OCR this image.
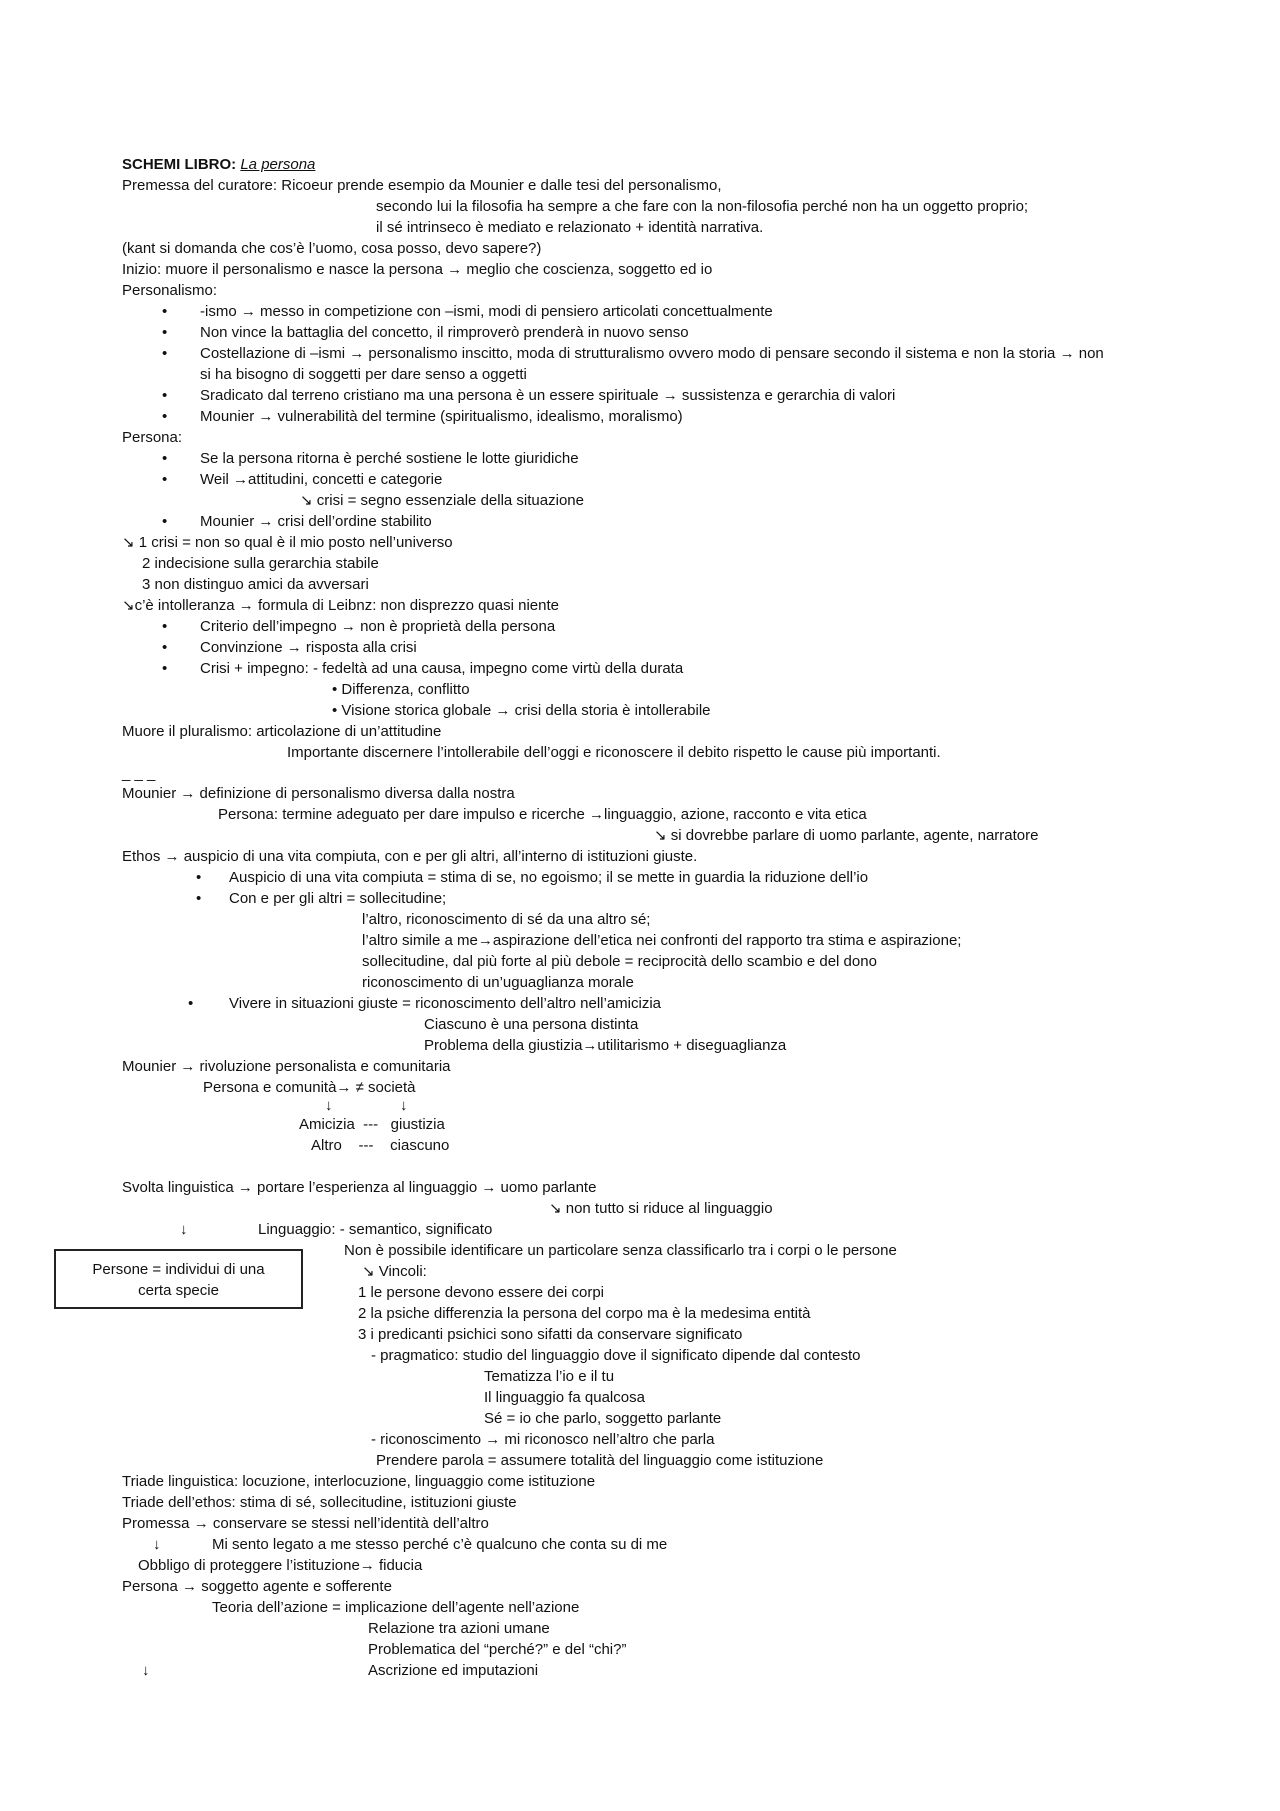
SCHEMI LIBRO: La persona
Premessa del curatore: Ricoeur prende esempio da Mounier e dalle tesi del personalismo,
secondo lui la filosofia ha sempre a che fare con la non-filosofia perché non ha un oggetto proprio;
il sé intrinseco è mediato e relazionato + identità narrativa.
(kant si domanda che cos’è l’uomo, cosa posso, devo sapere?)
Inizio: muore il personalismo e nasce la persona → meglio che coscienza, soggetto ed io
Personalismo:
• -ismo → messo in competizione con –ismi, modi di pensiero articolati concettualmente
• Non vince la battaglia del concetto, il rimproverò prenderà in nuovo senso
• Costellazione di –ismi → personalismo inscitto, moda di strutturalismo ovvero modo di pensare secondo il sistema e non la storia → non
si ha bisogno di soggetti per dare senso a oggetti
• Sradicato dal terreno cristiano ma una persona è un essere spirituale → sussistenza e gerarchia di valori
• Mounier → vulnerabilità del termine (spiritualismo, idealismo, moralismo)
Persona:
• Se la persona ritorna è perché sostiene le lotte giuridiche
• Weil →attitudini, concetti e categorie
↘ crisi = segno essenziale della situazione
• Mounier → crisi dell’ordine stabilito
↘ 1 crisi = non so qual è il mio posto nell’universo
2 indecisione sulla gerarchia stabile
3 non distinguo amici da avversari
↘c’è intolleranza → formula di Leibnz: non disprezzo quasi niente
• Criterio dell’impegno → non è proprietà della persona
• Convinzione → risposta alla crisi
• Crisi + impegno: - fedeltà ad una causa, impegno come virtù della durata
• Differenza, conflitto
• Visione storica globale → crisi della storia è intollerabile
Muore il pluralismo: articolazione di un’attitudine
Importante discernere l’intollerabile dell’oggi e riconoscere il debito rispetto le cause più importanti.
_ _ _
Mounier → definizione di personalismo diversa dalla nostra
Persona: termine adeguato per dare impulso e ricerche →linguaggio, azione, racconto e vita etica
↘ si dovrebbe parlare di uomo parlante, agente, narratore
Ethos → auspicio di una vita compiuta, con e per gli altri, all’interno di istituzioni giuste.
• Auspicio di una vita compiuta = stima di se, no egoismo; il se mette in guardia la riduzione dell’io
• Con e per gli altri = sollecitudine;
l’altro, riconoscimento di sé da una altro sé;
l’altro simile a me→aspirazione dell’etica nei confronti del rapporto tra stima e aspirazione;
sollecitudine, dal più forte al più debole = reciprocità dello scambio e del dono
riconoscimento di un’uguaglianza morale
• Vivere in situazioni giuste = riconoscimento dell’altro nell’amicizia
Ciascuno è una persona distinta
Problema della giustizia→utilitarismo + diseguaglianza
Mounier → rivoluzione personalista e comunitaria
Persona e comunità→ ≠ società
↓	↓
Amicizia  ---   giustizia
Altro    ---    ciascuno
Svolta linguistica → portare l’esperienza al linguaggio → uomo parlante
↘ non tutto si riduce al linguaggio
↓	Linguaggio: - semantico, significato
Non è possibile identificare un particolare senza classificarlo tra i corpi o le persone
↘ Vincoli:
1 le persone devono essere dei corpi
2 la psiche differenzia la persona del corpo ma è la medesima entità
3 i predicanti psichici sono sifatti da conservare significato
- pragmatico: studio del linguaggio dove il significato dipende dal contesto
Tematizza l’io e il tu
Il linguaggio fa qualcosa
Sé = io che parlo, soggetto parlante
- riconoscimento → mi riconosco nell’altro che parla
Prendere parola = assumere totalità del linguaggio come istituzione
Persone = individui di una
certa specie
Triade linguistica: locuzione, interlocuzione, linguaggio come istituzione
Triade dell’ethos: stima di sé, sollecitudine, istituzioni giuste
Promessa → conservare se stessi nell’identità dell’altro
↓	Mi sento legato a me stesso perché c’è qualcuno che conta su di me
Obbligo di proteggere l’istituzione→ fiducia
Persona → soggetto agente e sofferente
Teoria dell’azione = implicazione dell’agente nell’azione
Relazione tra azioni umane
Problematica del “perché?” e del “chi?”
↓	Ascrizione ed imputazioni
